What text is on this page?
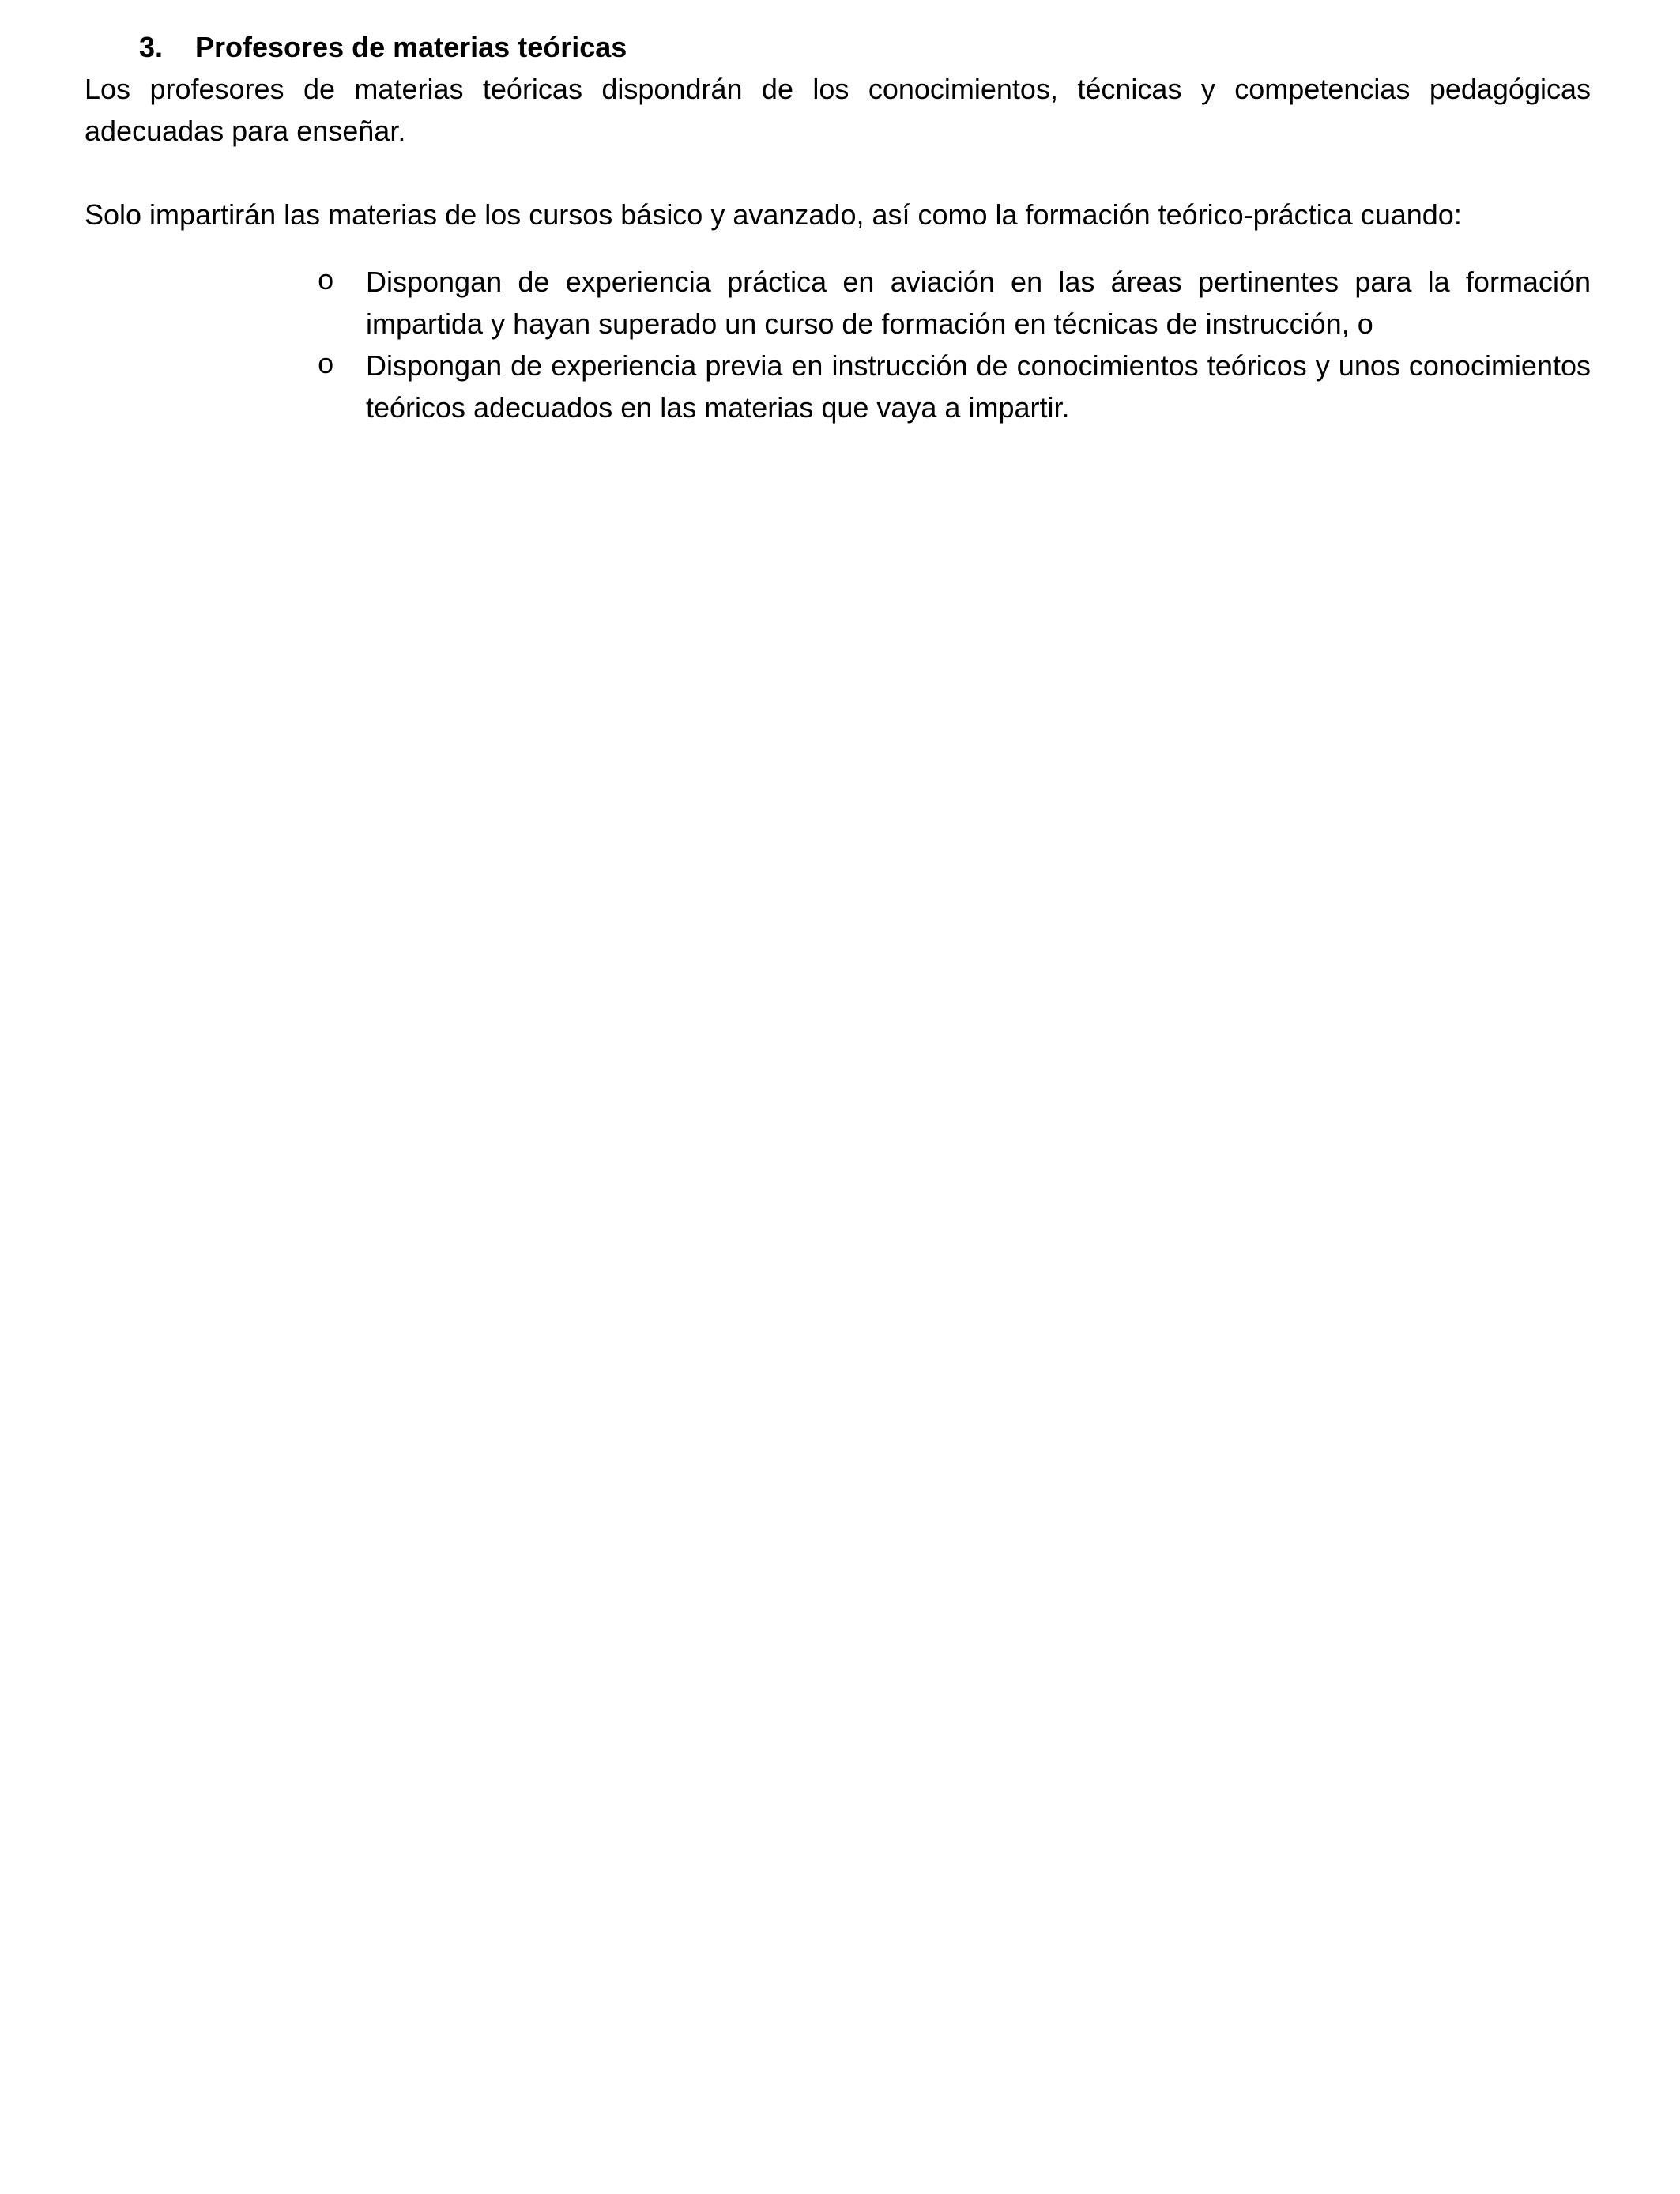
3.	Profesores de materias teóricas

Los profesores de materias teóricas dispondrán de los conocimientos, técnicas y competencias pedagógicas adecuadas para enseñar.

Solo impartirán las materias de los cursos básico y avanzado, así como la formación teórico-práctica cuando:

o	Dispongan de experiencia práctica en aviación en las áreas pertinentes para la formación impartida y hayan superado un curso de formación en técnicas de instrucción, o
o	Dispongan de experiencia previa en instrucción de conocimientos teóricos y unos conocimientos teóricos adecuados en las materias que vaya a impartir.
